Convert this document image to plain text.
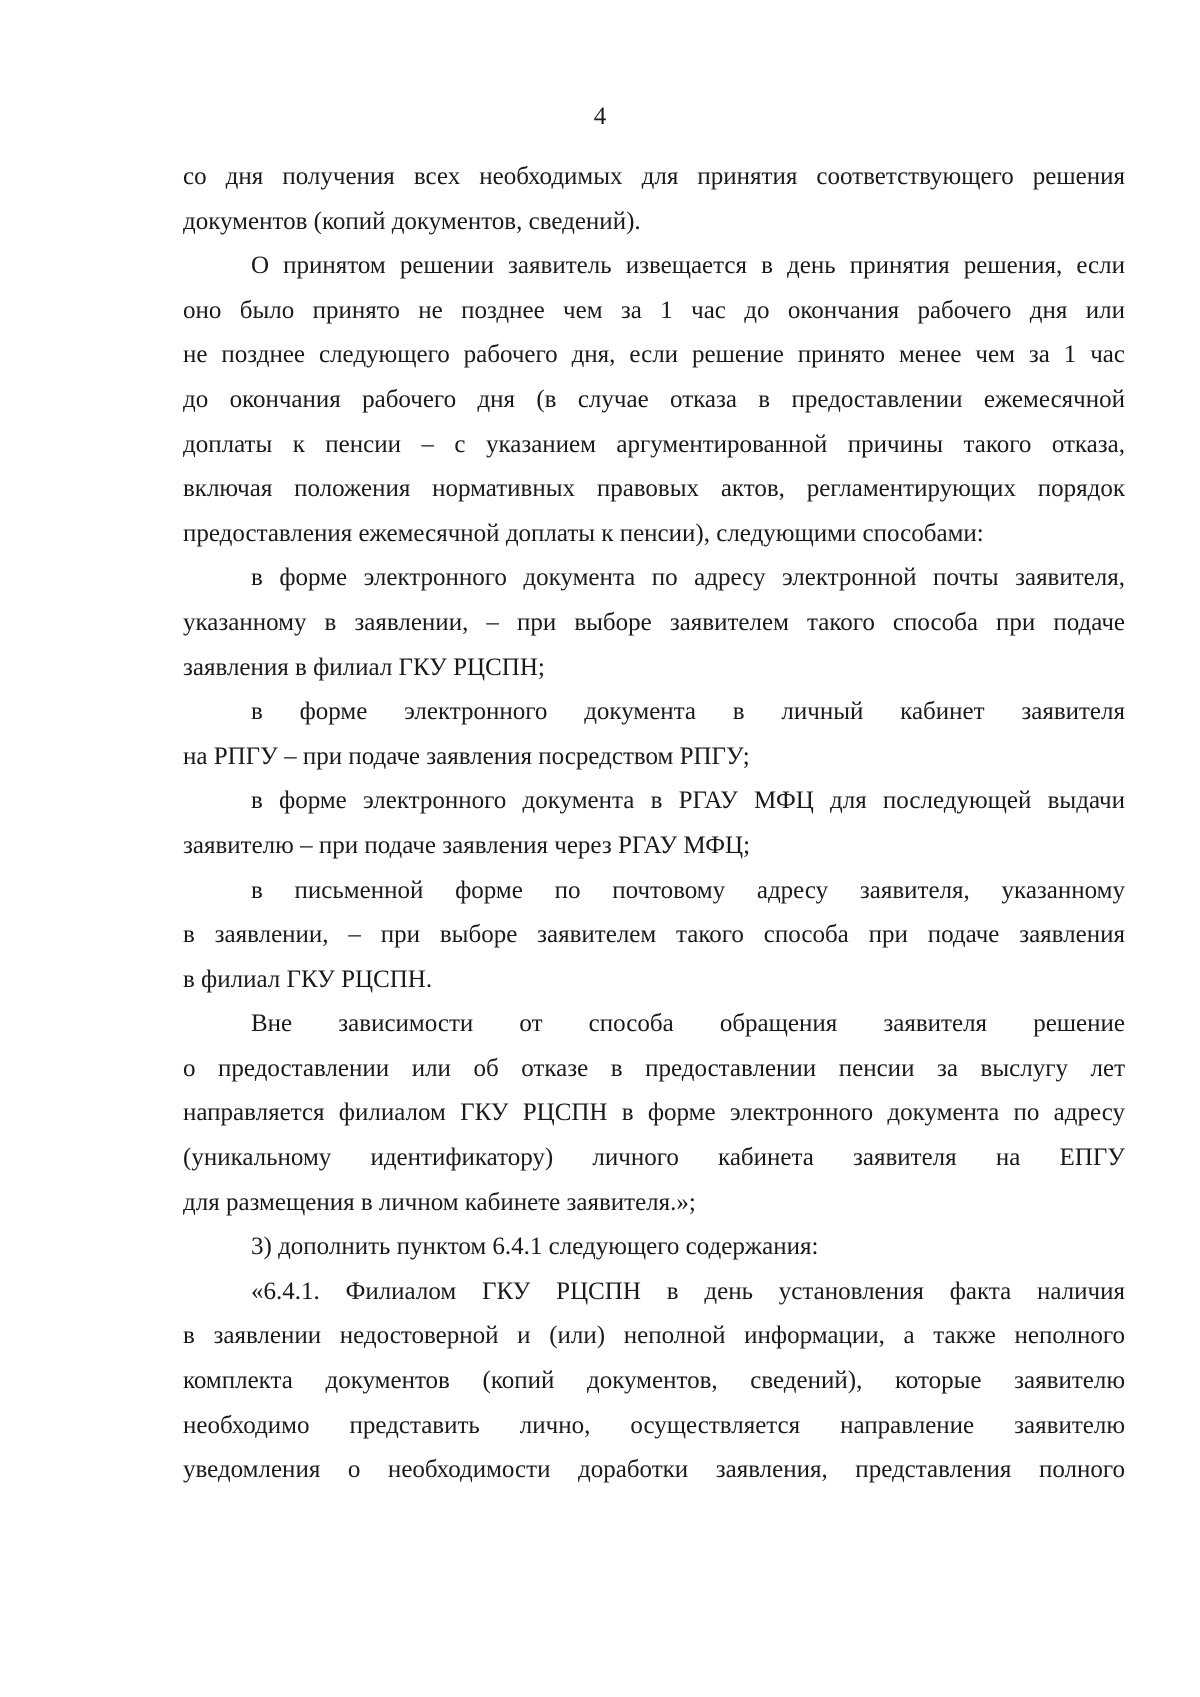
4

со дня получения всех необходимых для принятия соответствующего решения
документов (копий документов, сведений).

О принятом решении заявитель извещается в день принятия решения, если
оно было принято не позднее чем за 1 час до окончания рабочего дня или
не позднее следующего рабочего дня, если решение принято менее чем за 1 час
до окончания рабочего дня (в случае отказа в предоставлении ежемесячной
доплаты к пенсии – с указанием аргументированной причины такого отказа,
включая положения нормативных правовых актов, регламентирующих порядок
предоставления ежемесячной доплаты к пенсии), следующими способами:

в форме электронного документа по адресу электронной почты заявителя,
указанному в заявлении, – при выборе заявителем такого способа при подаче
заявления в филиал ГКУ РЦСПН;

в форме электронного документа в личный кабинет заявителя
на РПГУ – при подаче заявления посредством РПГУ;

в форме электронного документа в РГАУ МФЦ для последующей выдачи
заявителю – при подаче заявления через РГАУ МФЦ;

в письменной форме по почтовому адресу заявителя, указанному
в заявлении, – при выборе заявителем такого способа при подаче заявления
в филиал ГКУ РЦСПН.

Вне зависимости от способа обращения заявителя решение
о предоставлении или об отказе в предоставлении пенсии за выслугу лет
направляется филиалом ГКУ РЦСПН в форме электронного документа по адресу
(уникальному идентификатору) личного кабинета заявителя на ЕПГУ
для размещения в личном кабинете заявителя.»;

3) дополнить пунктом 6.4.1 следующего содержания:

«6.4.1. Филиалом ГКУ РЦСПН в день установления факта наличия
в заявлении недостоверной и (или) неполной информации, а также неполного
комплекта документов (копий документов, сведений), которые заявителю
необходимо представить лично, осуществляется направление заявителю
уведомления о необходимости доработки заявления, представления полного
